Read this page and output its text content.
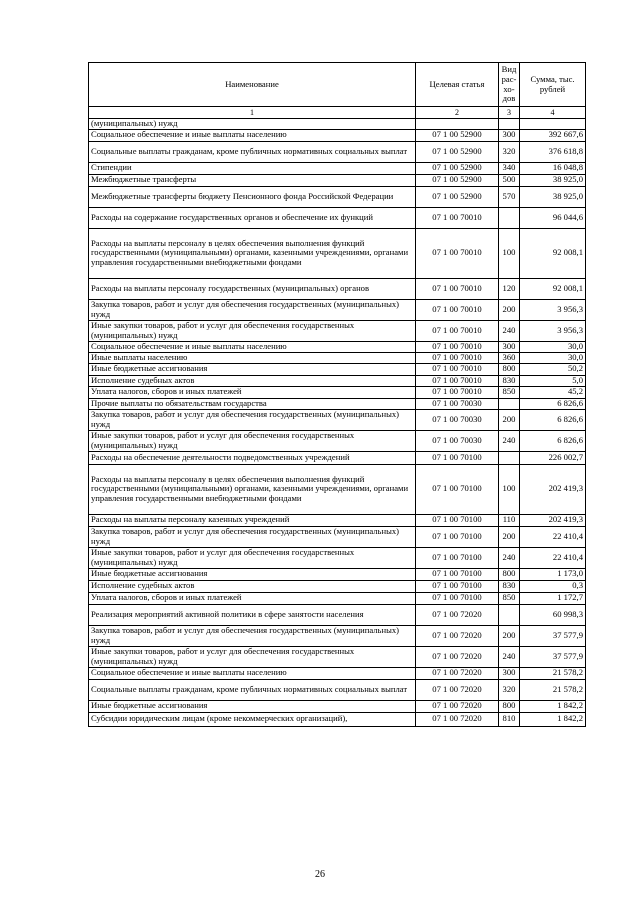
Наименование	Целевая статья	Вид рас-хо-дов	Сумма, тыс. рублей
1	2	3	4
(муниципальных) нужд			
Социальное обеспечение и иные выплаты населению	07 1 00 52900	300	392 667,6
Социальные выплаты гражданам, кроме публичных нормативных социальных выплат	07 1 00 52900	320	376 618,8
Стипендии	07 1 00 52900	340	16 048,8
Межбюджетные трансферты	07 1 00 52900	500	38 925,0
Межбюджетные трансферты бюджету Пенсионного фонда Российской Федерации	07 1 00 52900	570	38 925,0
Расходы на содержание государственных органов и обеспечение их функций	07 1 00 70010		96 044,6
Расходы на выплаты персоналу в целях обеспечения выполнения функций государственными (муниципальными) органами, казенными учреждениями, органами управления государственными внебюджетными фондами	07 1 00 70010	100	92 008,1
Расходы на выплаты персоналу государственных (муниципальных) органов	07 1 00 70010	120	92 008,1
Закупка товаров, работ и услуг для обеспечения государственных (муниципальных) нужд	07 1 00 70010	200	3 956,3
Иные закупки товаров, работ и услуг для обеспечения государственных (муниципальных) нужд	07 1 00 70010	240	3 956,3
Социальное обеспечение и иные выплаты населению	07 1 00 70010	300	30,0
Иные выплаты населению	07 1 00 70010	360	30,0
Иные бюджетные ассигнования	07 1 00 70010	800	50,2
Исполнение судебных актов	07 1 00 70010	830	5,0
Уплата налогов, сборов и иных платежей	07 1 00 70010	850	45,2
Прочие выплаты по обязательствам государства	07 1 00 70030		6 826,6
Закупка товаров, работ и услуг для обеспечения государственных (муниципальных) нужд	07 1 00 70030	200	6 826,6
Иные закупки товаров, работ и услуг для обеспечения государственных (муниципальных) нужд	07 1 00 70030	240	6 826,6
Расходы на обеспечение деятельности подведомственных учреждений	07 1 00 70100		226 002,7
Расходы на выплаты персоналу в целях обеспечения выполнения функций государственными (муниципальными) органами, казенными учреждениями, органами управления государственными внебюджетными фондами	07 1 00 70100	100	202 419,3
Расходы на выплаты персоналу казенных учреждений	07 1 00 70100	110	202 419,3
Закупка товаров, работ и услуг для обеспечения государственных (муниципальных) нужд	07 1 00 70100	200	22 410,4
Иные закупки товаров, работ и услуг для обеспечения государственных (муниципальных) нужд	07 1 00 70100	240	22 410,4
Иные бюджетные ассигнования	07 1 00 70100	800	1 173,0
Исполнение судебных актов	07 1 00 70100	830	0,3
Уплата налогов, сборов и иных платежей	07 1 00 70100	850	1 172,7
Реализация мероприятий активной политики в сфере занятости населения	07 1 00 72020		60 998,3
Закупка товаров, работ и услуг для обеспечения государственных (муниципальных) нужд	07 1 00 72020	200	37 577,9
Иные закупки товаров, работ и услуг для обеспечения государственных (муниципальных) нужд	07 1 00 72020	240	37 577,9
Социальное обеспечение и иные выплаты населению	07 1 00 72020	300	21 578,2
Социальные выплаты гражданам, кроме публичных нормативных социальных выплат	07 1 00 72020	320	21 578,2
Иные бюджетные ассигнования	07 1 00 72020	800	1 842,2
Субсидии юридическим лицам (кроме некоммерческих организаций),	07 1 00 72020	810	1 842,2
26
